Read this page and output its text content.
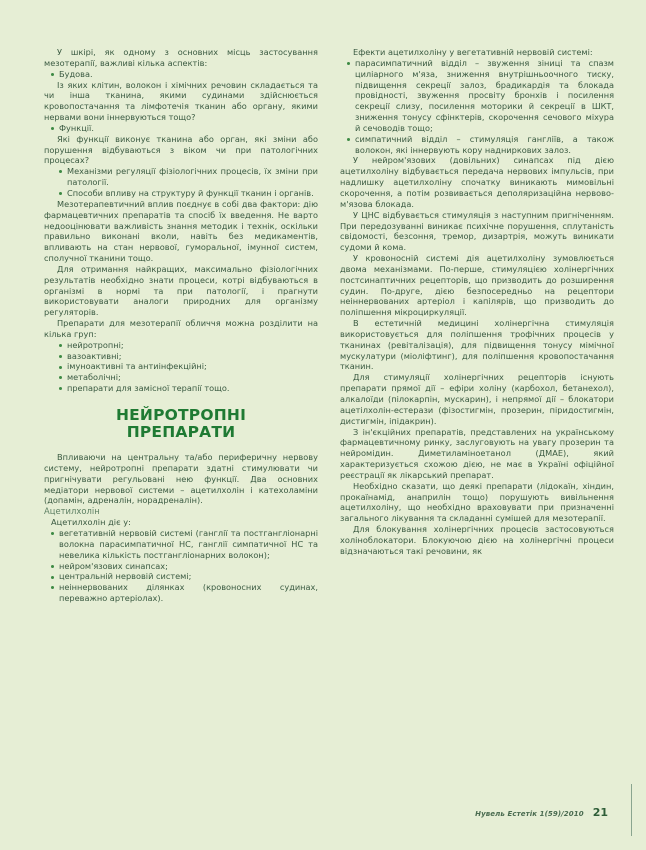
У шкірі, як одному з основних місць застосування мезотерапії, важливі кілька аспектів:

Будова.

Із яких клітин, волокон і хімічних речовин складається та чи інша тканина, якими судинами здійснюється кровопостачання та лімфотечія тканин або органу, якими нервами вони іннервуються тощо?

Функції.

Які функції виконує тканина або орган, які зміни або порушення відбуваються з віком чи при патологічних процесах?

Механізми регуляції фізіологічних процесів, їх зміни при патології.
Способи впливу на структуру й функції тканин і органів.

Мезотерапевтичний вплив поєднує в собі два фактори: дію фармацевтичних препаратів та спосіб їх введення. Не варто недооцінювати важливість знання методик і технік, оскільки правильно виконані вколи, навіть без медикаментів, впливають на стан нервової, гуморальної, імунної систем, сполучної тканини тощо.

Для отримання найкращих, максимально фізіологічних результатів необхідно знати процеси, котрі відбуваються в організмі в нормі та при патології, і прагнути використовувати аналоги природних для організму регуляторів.

Препарати для мезотерапії обличчя можна розділити на кілька груп:

нейротропні;
вазоактивні;
імуноактивні та антиінфекційні;
метаболічні;
препарати для замісної терапії тощо.
НЕЙРОТРОПНІ
ПРЕПАРАТИ

Впливаючи на центральну та/або периферичну нервову систему, нейротропні препарати здатні стимулювати чи пригнічувати регульовані нею функції. Два основних медіатори нервової системи – ацетилхолін і катехоламіни (допамін, адреналін, норадреналін).

Ацетилхолін

Ацетилхолін діє у:

вегетативній нервовій системі (ганглії та постгангліонарні волокна парасимпатичної НС, ганглії симпатичної НС та невелика кількість постгангліонарних волокон);
нейром'язових синапсах;
центральній нервовій системі;
неіннервованих ділянках (кровоносних судинах, переважно артеріолах).

Ефекти ацетилхоліну у вегетативній нервовій системі:

парасимпатичний відділ – звуження зіниці та спазм циліарного м'яза, зниження внутрішньоочного тиску, підвищення секреції залоз, брадикардія та блокада провідності, звуження просвіту бронхів і посилення секреції слизу, посилення моторики й секреції в ШКТ, зниження тонусу сфінктерів, скорочення сечового міхура й сечоводів тощо;
симпатичний відділ – стимуляція гангліїв, а також волокон, які іннервують кору надниркових залоз.

У нейром'язових (довільних) синапсах під дією ацетилхоліну відбувається передача нервових імпульсів, при надлишку ацетилхоліну спочатку виникають мимовільні скорочення, а потім розвивається деполяризаційна нервово-м'язова блокада.

У ЦНС відбувається стимуляція з наступним пригніченням. При передозуванні виникає психічне порушення, сплутаність свідомості, безсоння, тремор, дизартрія, можуть виникати судоми й кома.

У кровоносній системі дія ацетилхоліну зумовлюється двома механізмами. По-перше, стимуляцією холінергічних постсинаптичних рецепторів, що призводить до розширення судин. По-друге, дією безпосередньо на рецептори неіннервованих артеріол і капілярів, що призводить до поліпшення мікроциркуляції.

В естетичній медицині холінергічна стимуляція використовується для поліпшення трофічних процесів у тканинах (ревіталізація), для підвищення тонусу мімічної мускулатури (міоліфтинг), для поліпшення кровопостачання тканин.

Для стимуляції холінергічних рецепторів існують препарати прямої дії – ефіри холіну (карбохол, бетанехол), алкалоїди (пілокарпін, мускарин), і непрямої дії – блокатори ацетілхолін-естерази (фізостигмін, прозерин, піридостигмін, дистигмін, іпідакрин).

З ін'єкційних препаратів, представлених на українському фармацевтичному ринку, заслуговують на увагу прозерин та нейромідин. Диметиламіноетанол (ДМАЕ), який характеризується схожою дією, не має в Україні офіційної реєстрації як лікарський препарат.

Необхідно сказати, що деякі препарати (лідокаїн, хіндин, прокаїнамід, анаприлін тощо) порушують вивільнення ацетилхоліну, що необхідно враховувати при призначенні загального лікування та складанні сумішей для мезотерапії.

Для блокування холінергічних процесів застосовуються холіноблокатори. Блокуючою дією на холінергічні процеси відзначаються такі речовини, як

Нувель Естетік 1(59)/2010 21
